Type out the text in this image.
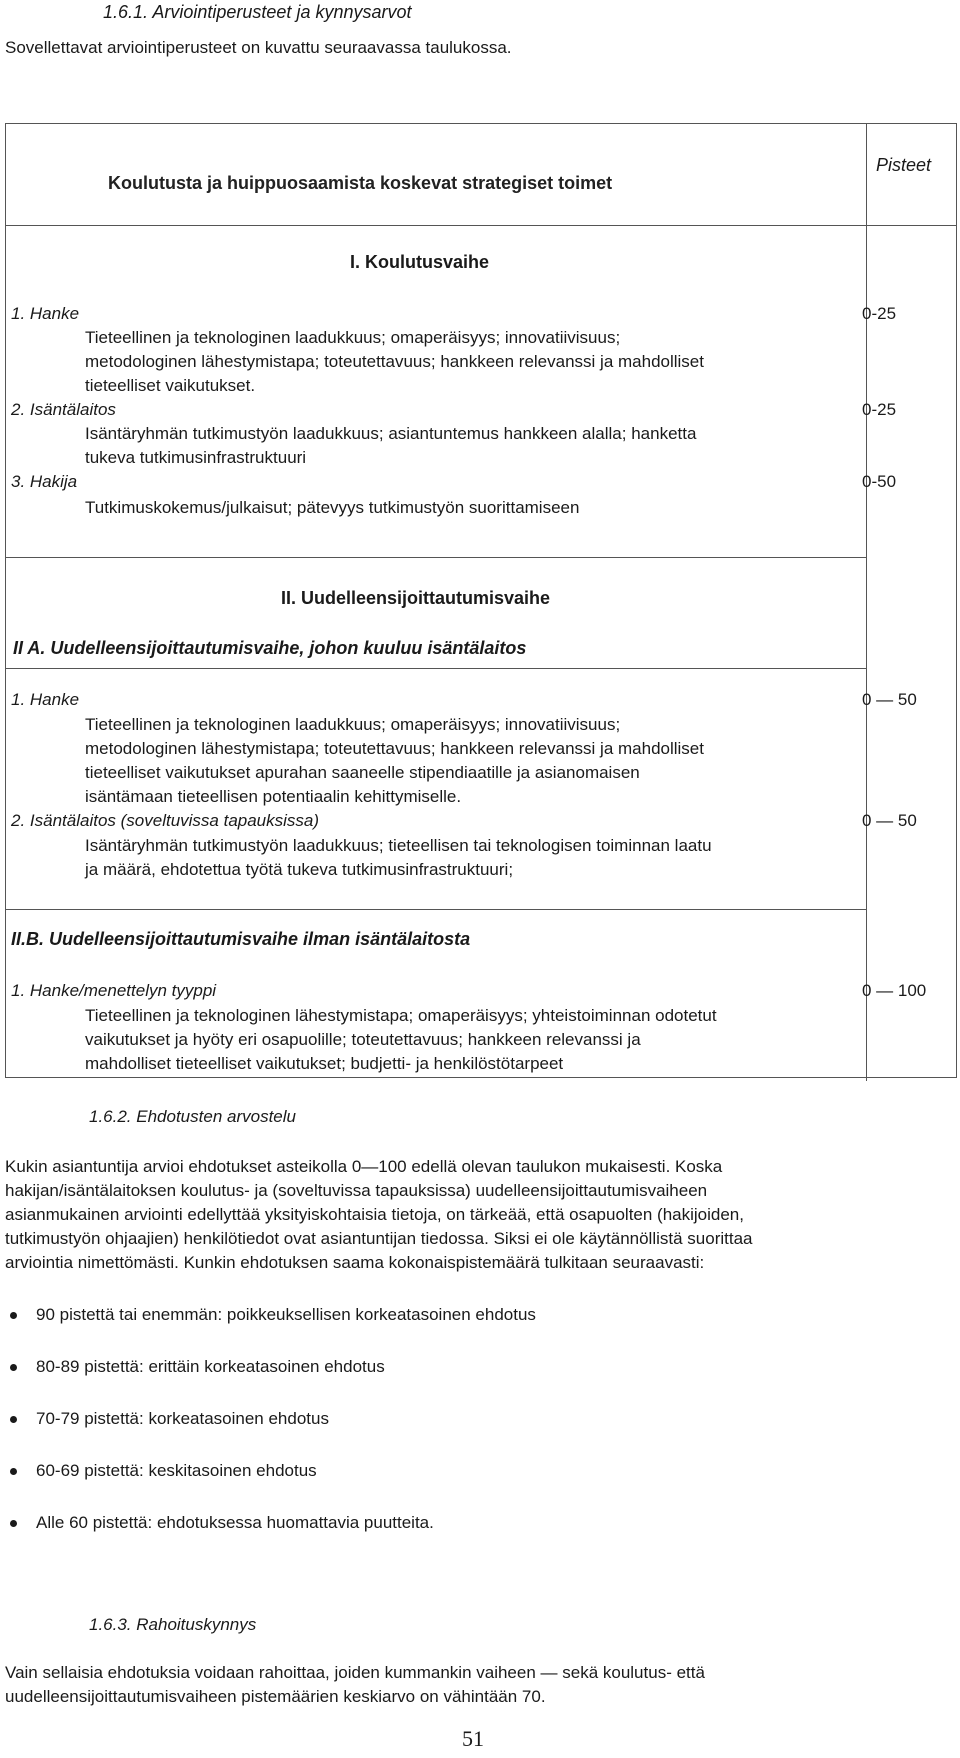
1.6.1. Arviointiperusteet ja kynnysarvot
Sovellettavat arviointiperusteet on kuvattu seuraavassa taulukossa.
Koulutusta ja huippuosaamista koskevat strategiset toimet
Pisteet
I. Koulutusvaihe
1. Hanke	0-25
Tieteellinen ja teknologinen laadukkuus; omaperäisyys; innovatiivisuus;
metodologinen lähestymistapa; toteutettavuus; hankkeen relevanssi ja mahdolliset
tieteelliset vaikutukset.
2. Isäntälaitos	0-25
Isäntäryhmän tutkimustyön laadukkuus; asiantuntemus hankkeen alalla; hanketta
tukeva tutkimusinfrastruktuuri
3. Hakija	0-50
Tutkimuskokemus/julkaisut; pätevyys tutkimustyön suorittamiseen
II. Uudelleensijoittautumisvaihe
II A. Uudelleensijoittautumisvaihe, johon kuuluu isäntälaitos
1. Hanke	0 — 50
Tieteellinen ja teknologinen laadukkuus; omaperäisyys; innovatiivisuus;
metodologinen lähestymistapa; toteutettavuus; hankkeen relevanssi ja mahdolliset
tieteelliset vaikutukset apurahan saaneelle stipendiaatille ja asianomaisen
isäntämaan tieteellisen potentiaalin kehittymiselle.
2. Isäntälaitos (soveltuvissa tapauksissa)	0 — 50
Isäntäryhmän tutkimustyön laadukkuus; tieteellisen tai teknologisen toiminnan laatu
ja määrä, ehdotettua työtä tukeva tutkimusinfrastruktuuri;
II.B. Uudelleensijoittautumisvaihe ilman isäntälaitosta
1. Hanke/menettelyn tyyppi	0 — 100
Tieteellinen ja teknologinen lähestymistapa; omaperäisyys; yhteistoiminnan odotetut
vaikutukset ja hyöty eri osapuolille; toteutettavuus; hankkeen relevanssi ja
mahdolliset tieteelliset vaikutukset; budjetti- ja henkilöstötarpeet
1.6.2. Ehdotusten arvostelu
Kukin asiantuntija arvioi ehdotukset asteikolla 0—100 edellä olevan taulukon mukaisesti. Koska
hakijan/isäntälaitoksen koulutus- ja (soveltuvissa tapauksissa) uudelleensijoittautumisvaiheen
asianmukainen arviointi edellyttää yksityiskohtaisia tietoja, on tärkeää, että osapuolten (hakijoiden,
tutkimustyön ohjaajien) henkilötiedot ovat asiantuntijan tiedossa. Siksi ei ole käytännöllistä suorittaa
arviointia nimettömästi. Kunkin ehdotuksen saama kokonaispistemäärä tulkitaan seuraavasti:
90 pistettä tai enemmän: poikkeuksellisen korkeatasoinen ehdotus
80-89 pistettä: erittäin korkeatasoinen ehdotus
70-79 pistettä: korkeatasoinen ehdotus
60-69 pistettä: keskitasoinen ehdotus
Alle 60 pistettä: ehdotuksessa huomattavia puutteita.
1.6.3. Rahoituskynnys
Vain sellaisia ehdotuksia voidaan rahoittaa, joiden kummankin vaiheen — sekä koulutus- että
uudelleensijoittautumisvaiheen pistemäärien keskiarvo on vähintään 70.
51
